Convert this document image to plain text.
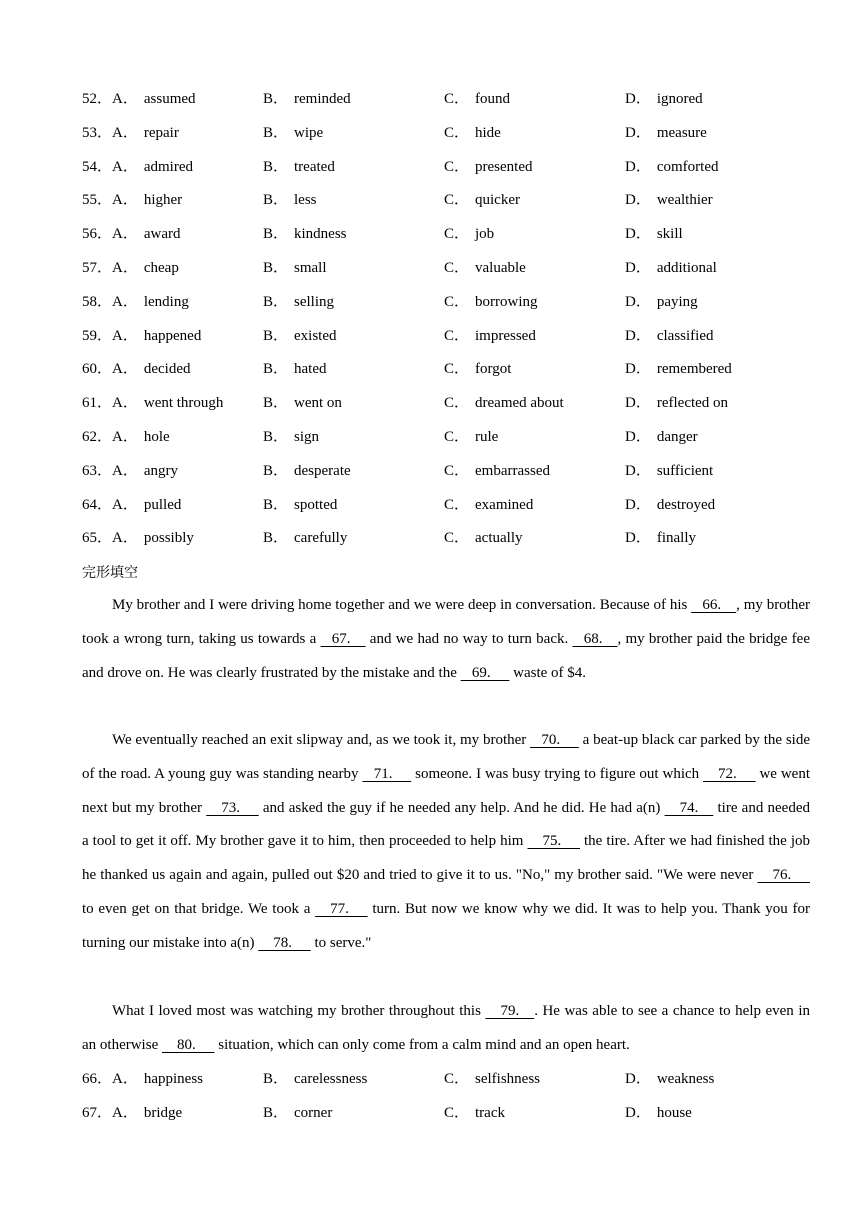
52．A． assumed	B． reminded	C． found	D． ignored
53．A． repair	B． wipe	C． hide	D． measure
54．A． admired	B． treated	C． presented	D． comforted
55．A． higher	B． less	C． quicker	D． wealthier
56．A． award	B． kindness	C． job	D． skill
57．A． cheap	B． small	C． valuable	D． additional
58．A． lending	B． selling	C． borrowing	D． paying
59．A． happened	B． existed	C． impressed	D． classified
60．A． decided	B． hated	C． forgot	D． remembered
61．A． went through	B． went on	C． dreamed about	D． reflected on
62．A． hole	B． sign	C． rule	D． danger
63．A． angry	B． desperate	C． embarrassed	D． sufficient
64．A． pulled	B． spotted	C． examined	D． destroyed
65．A． possibly	B． carefully	C． actually	D． finally
完形填空
My brother and I were driving home together and we were deep in conversation. Because of his    66.    , my brother took a wrong turn, taking us towards a    67.     and we had no way to turn back.    68.    , my brother paid the bridge fee and drove on. He was clearly frustrated by the mistake and the    69.      waste of $4.
We eventually reached an exit slipway and, as we took it, my brother    70.      a beat-up black car parked by the side of the road. A young guy was standing nearby    71.      someone. I was busy trying to figure out which     72.      we went next but my brother     73.      and asked the guy if he needed any help. And he did. He had a(n)     74.     tire and needed a tool to get it off. My brother gave it to him, then proceeded to help him     75.      the tire. After we had finished the job he thanked us again and again, pulled out $20 and tried to give it to us. "No," my brother said. "We were never     76.      to even get on that bridge. We took a     77.      turn. But now we know why we did. It was to help you. Thank you for turning our mistake into a(n)     78.      to serve."
What I loved most was watching my brother throughout this     79.    . He was able to see a chance to help even in an otherwise     80.      situation, which can only come from a calm mind and an open heart.
66．A． happiness	B． carelessness	C． selfishness	D． weakness
67．A． bridge	B． corner	C． track	D． house
